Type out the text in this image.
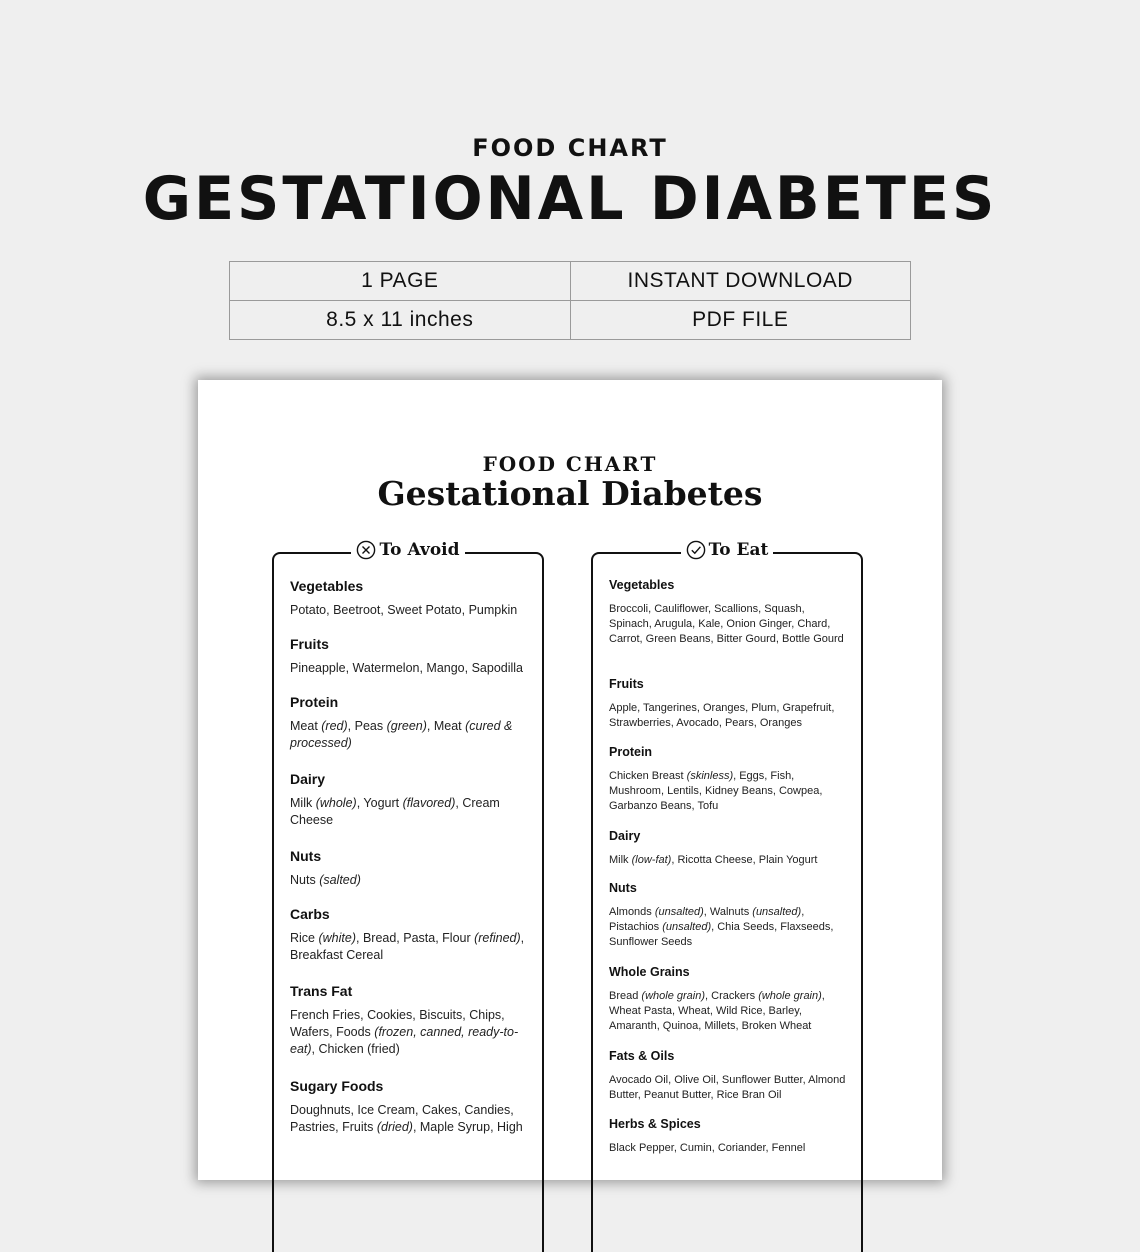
FOOD CHART
GESTATIONAL DIABETES
1 PAGE	INSTANT DOWNLOAD
8.5 x 11 inches	PDF FILE
FOOD CHART
Gestational Diabetes
To Avoid
Vegetables
Potato, Beetroot, Sweet Potato, Pumpkin
Fruits
Pineapple, Watermelon, Mango, Sapodilla
Protein
Meat (red), Peas (green), Meat (cured & processed)
Dairy
Milk (whole), Yogurt (flavored), Cream Cheese
Nuts
Nuts (salted)
Carbs
Rice (white), Bread, Pasta, Flour (refined), Breakfast Cereal
Trans Fat
French Fries, Cookies, Biscuits, Chips, Wafers, Foods (frozen, canned, ready-to-eat), Chicken (fried)
Sugary Foods
Doughnuts, Ice Cream, Cakes, Candies, Pastries, Fruits (dried), Maple Syrup, High
To Eat
Vegetables
Broccoli, Cauliflower, Scallions, Squash, Spinach, Arugula, Kale, Onion Ginger, Chard, Carrot, Green Beans, Bitter Gourd, Bottle Gourd
Fruits
Apple, Tangerines, Oranges, Plum, Grapefruit, Strawberries, Avocado, Pears, Oranges
Protein
Chicken Breast (skinless), Eggs, Fish, Mushroom, Lentils, Kidney Beans, Cowpea, Garbanzo Beans, Tofu
Dairy
Milk (low-fat), Ricotta Cheese, Plain Yogurt
Nuts
Almonds (unsalted), Walnuts (unsalted), Pistachios (unsalted), Chia Seeds, Flaxseeds, Sunflower Seeds
Whole Grains
Bread (whole grain), Crackers (whole grain), Wheat Pasta, Wheat, Wild Rice, Barley, Amaranth, Quinoa, Millets, Broken Wheat
Fats & Oils
Avocado Oil, Olive Oil, Sunflower Butter, Almond Butter, Peanut Butter, Rice Bran Oil
Herbs & Spices
Black Pepper, Cumin, Coriander, Fennel
